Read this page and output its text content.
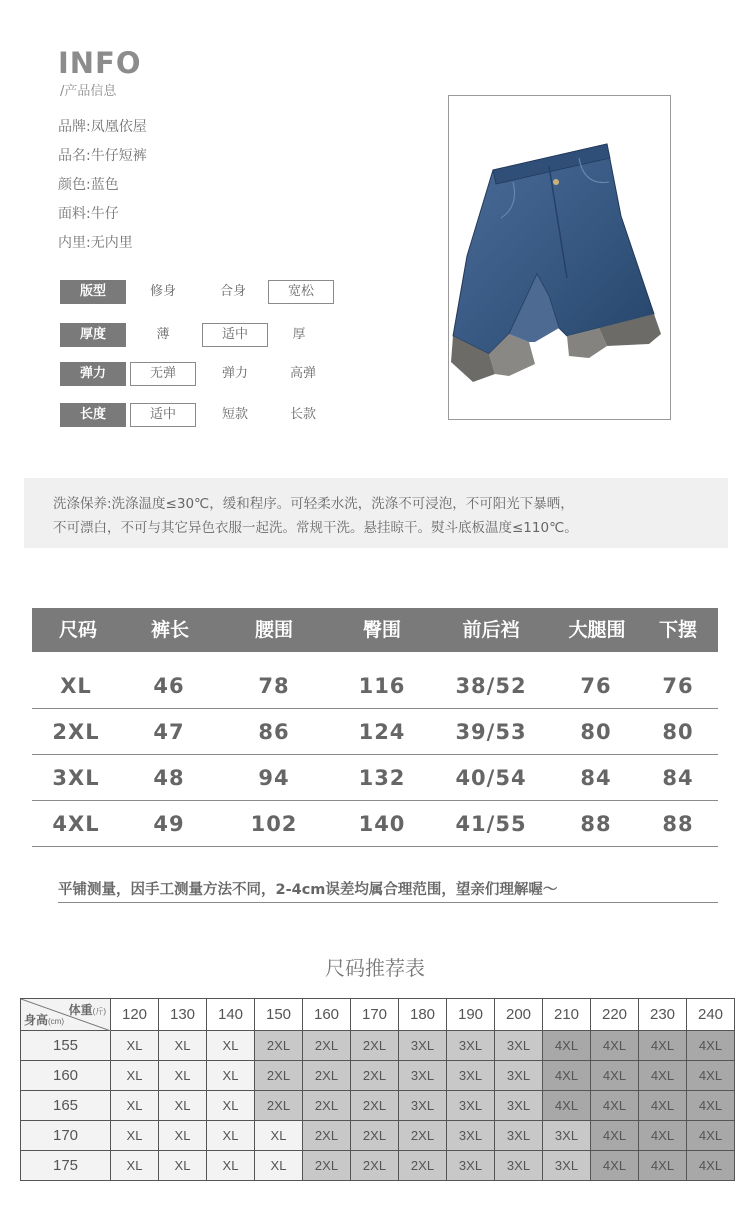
INFO
/产品信息
品牌:凤凰依屋
品名:牛仔短裤
颜色:蓝色
面料:牛仔
内里:无内里
版型	修身	合身	宽松
厚度	薄	适中	厚
弹力	无弹	弹力	高弹
长度	适中	短款	长款
洗涤保养:洗涤温度≤30℃，缓和程序。可轻柔水洗，洗涤不可浸泡，不可阳光下暴晒，
不可漂白，不可与其它异色衣服一起洗。常规干洗。悬挂晾干。熨斗底板温度≤110℃。
尺码	裤长	腰围	臀围	前后裆	大腿围 下摆
XL	46	78	116 38/52	76 76
2XL	47	86	124 39/53	80 80
3XL	48	94	132 40/54	84 84
4XL	49	102	140 41/55	88 88
平铺测量，因手工测量方法不同，2-4cm误差均属合理范围，望亲们理解喔～
尺码推荐表
体重(斤)
身高(cm)	120	130	140	150	160	170	180	190	200	210	220	230	240
155	XL	XL	XL	2XL	2XL	2XL	3XL	3XL	3XL	4XL	4XL	4XL	4XL
160	XL	XL	XL	2XL	2XL	2XL	3XL	3XL	3XL	4XL	4XL	4XL	4XL
165	XL	XL	XL	2XL	2XL	2XL	3XL	3XL	3XL	4XL	4XL	4XL	4XL
170	XL	XL	XL	XL	2XL	2XL	2XL	3XL	3XL	3XL	4XL	4XL	4XL
175	XL	XL	XL	XL	2XL	2XL	2XL	3XL	3XL	3XL	4XL	4XL	4XL
